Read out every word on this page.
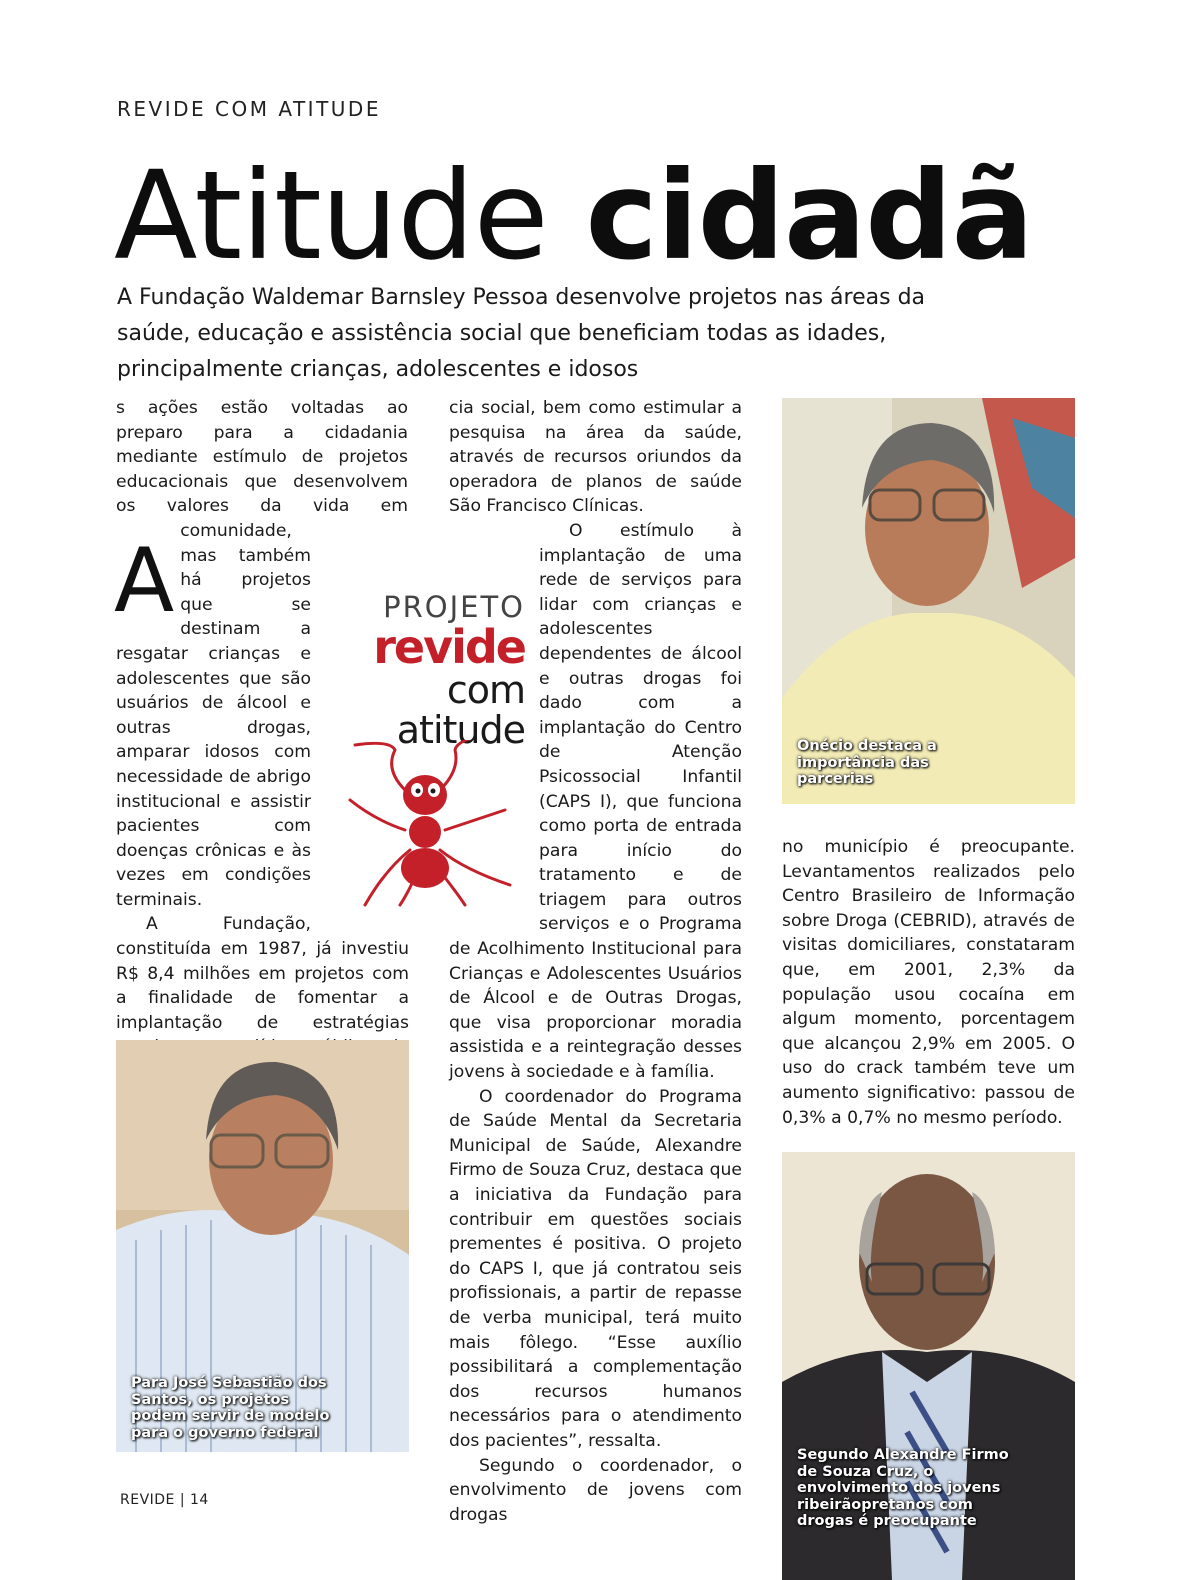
REVIDE COM ATITUDE
Atitude cidadã

A Fundação Waldemar Barnsley Pessoa desenvolve projetos nas áreas da saúde, educação e assistência social que beneficiam todas as idades, principalmente crianças, adolescentes e idosos

A
s ações estão voltadas ao preparo para a cidadania mediante estímulo de projetos educacionais que desenvolvem os valores da vida em comunidade, mas também há projetos que se destinam a resgatar crianças e adolescentes que são usuários de álcool e outras drogas, amparar idosos com necessidade de abrigo institucional e assistir pacientes com doenças crônicas e às vezes em condições terminais.

A Fundação, constituída em 1987, já investiu R$ 8,4 milhões em projetos com a finalidade de fomentar a implantação de estratégias

cia social, bem como estimular a pesquisa na área da saúde, através de recursos oriundos da operadora de planos de saúde São Francisco Clínicas.

O estímulo à implantação de uma rede de serviços para lidar com crianças e adolescentes dependentes de álcool e outras drogas foi dado com a implantação do Centro de Atenção Psicossocial Infantil (CAPS I), que funciona como porta de entrada para início do tratamento e de triagem para outros serviços e o Programa de Acolhimento Institucional para Crianças e Adolescentes Usuários de Álcool e de Outras Drogas, que visa proporcionar moradia assistida e a reintegração desses jovens à sociedade e à família.

O coordenador do Programa de Saúde Mental da Secretaria Municipal de Saúde, Alexandre Firmo de Souza Cruz, destaca que a iniciativa da Fundação para contribuir em questões sociais prementes é positiva. O projeto do CAPS I, que já contratou seis profissionais, a partir de repasse de verba municipal, terá muito mais fôlego. “Esse auxílio possibilitará a complementação dos recursos humanos necessários para o atendimento dos pacientes”, ressalta.

Segundo o coordenador, o envolvimento de jovens com drogas

no município é preocupante. Levantamentos realizados pelo Centro Brasileiro de Informação sobre Droga (CEBRID), através de visitas domiciliares, constataram que, em 2001, 2,3% da população usou cocaína em algum momento, porcentagem que alcançou 2,9% em 2005. O uso do crack também teve um aumento significativo: passou de 0,3% a 0,7% no mesmo período.

PROJETO
revide
com
atitude	Onécio destaca a importância das parcerias
Para José Sebastião dos Santos, os projetos podem servir de modelo para o governo federal
Segundo Alexandre Firmo de Souza Cruz, o envolvimento dos jovens ribeirãopretanos com drogas é preocupante
REVIDE | 14
